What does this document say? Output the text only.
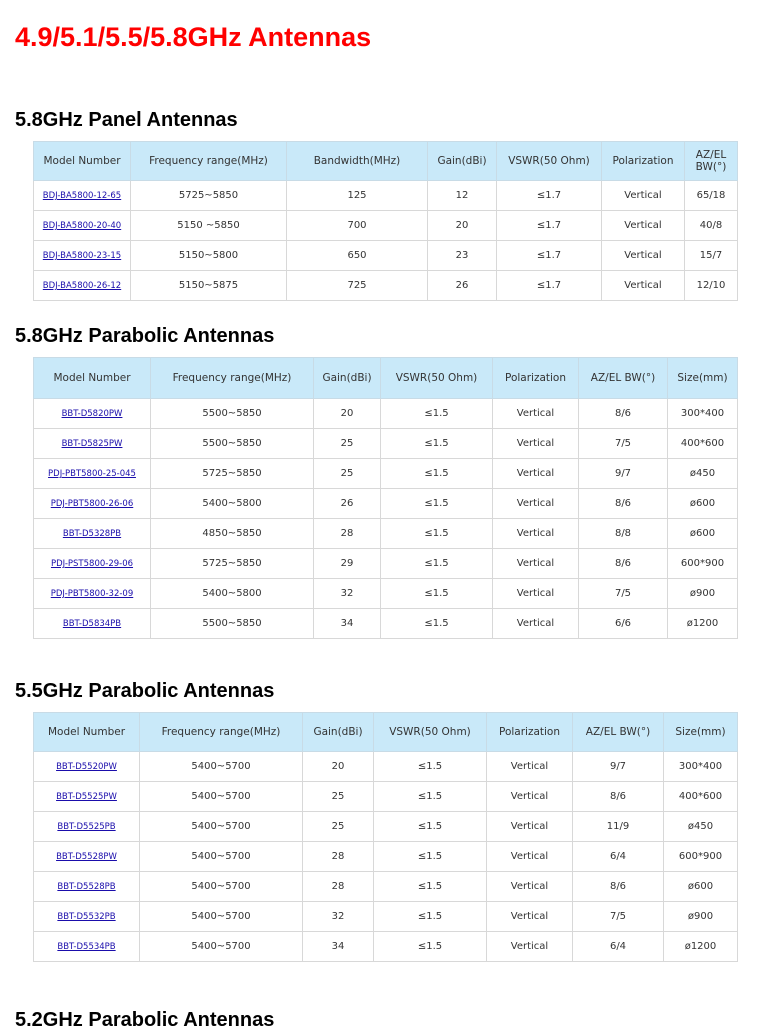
4.9/5.1/5.5/5.8GHz Antennas
5.8GHz Panel Antennas
Model Number	Frequency range(MHz)	Bandwidth(MHz)	Gain(dBi)	VSWR(50 Ohm)	Polarization	AZ/EL BW(°)
BDJ-BA5800-12-65	5725~5850	125	12	≤1.7	Vertical	65/18
BDJ-BA5800-20-40	5150 ~5850	700	20	≤1.7	Vertical	40/8
BDJ-BA5800-23-15	5150~5800	650	23	≤1.7	Vertical	15/7
BDJ-BA5800-26-12	5150~5875	725	26	≤1.7	Vertical	12/10
5.8GHz Parabolic Antennas
Model Number	Frequency range(MHz)	Gain(dBi)	VSWR(50 Ohm)	Polarization	AZ/EL BW(°)	Size(mm)
BBT-D5820PW	5500~5850	20	≤1.5	Vertical	8/6	300*400
BBT-D5825PW	5500~5850	25	≤1.5	Vertical	7/5	400*600
PDJ-PBT5800-25-045	5725~5850	25	≤1.5	Vertical	9/7	ø450
PDJ-PBT5800-26-06	5400~5800	26	≤1.5	Vertical	8/6	ø600
BBT-D5328PB	4850~5850	28	≤1.5	Vertical	8/8	ø600
PDJ-PST5800-29-06	5725~5850	29	≤1.5	Vertical	8/6	600*900
PDJ-PBT5800-32-09	5400~5800	32	≤1.5	Vertical	7/5	ø900
BBT-D5834PB	5500~5850	34	≤1.5	Vertical	6/6	ø1200
5.5GHz Parabolic Antennas
Model Number	Frequency range(MHz)	Gain(dBi)	VSWR(50 Ohm)	Polarization	AZ/EL BW(°)	Size(mm)
BBT-D5520PW	5400~5700	20	≤1.5	Vertical	9/7	300*400
BBT-D5525PW	5400~5700	25	≤1.5	Vertical	8/6	400*600
BBT-D5525PB	5400~5700	25	≤1.5	Vertical	11/9	ø450
BBT-D5528PW	5400~5700	28	≤1.5	Vertical	6/4	600*900
BBT-D5528PB	5400~5700	28	≤1.5	Vertical	8/6	ø600
BBT-D5532PB	5400~5700	32	≤1.5	Vertical	7/5	ø900
BBT-D5534PB	5400~5700	34	≤1.5	Vertical	6/4	ø1200
5.2GHz Parabolic Antennas
